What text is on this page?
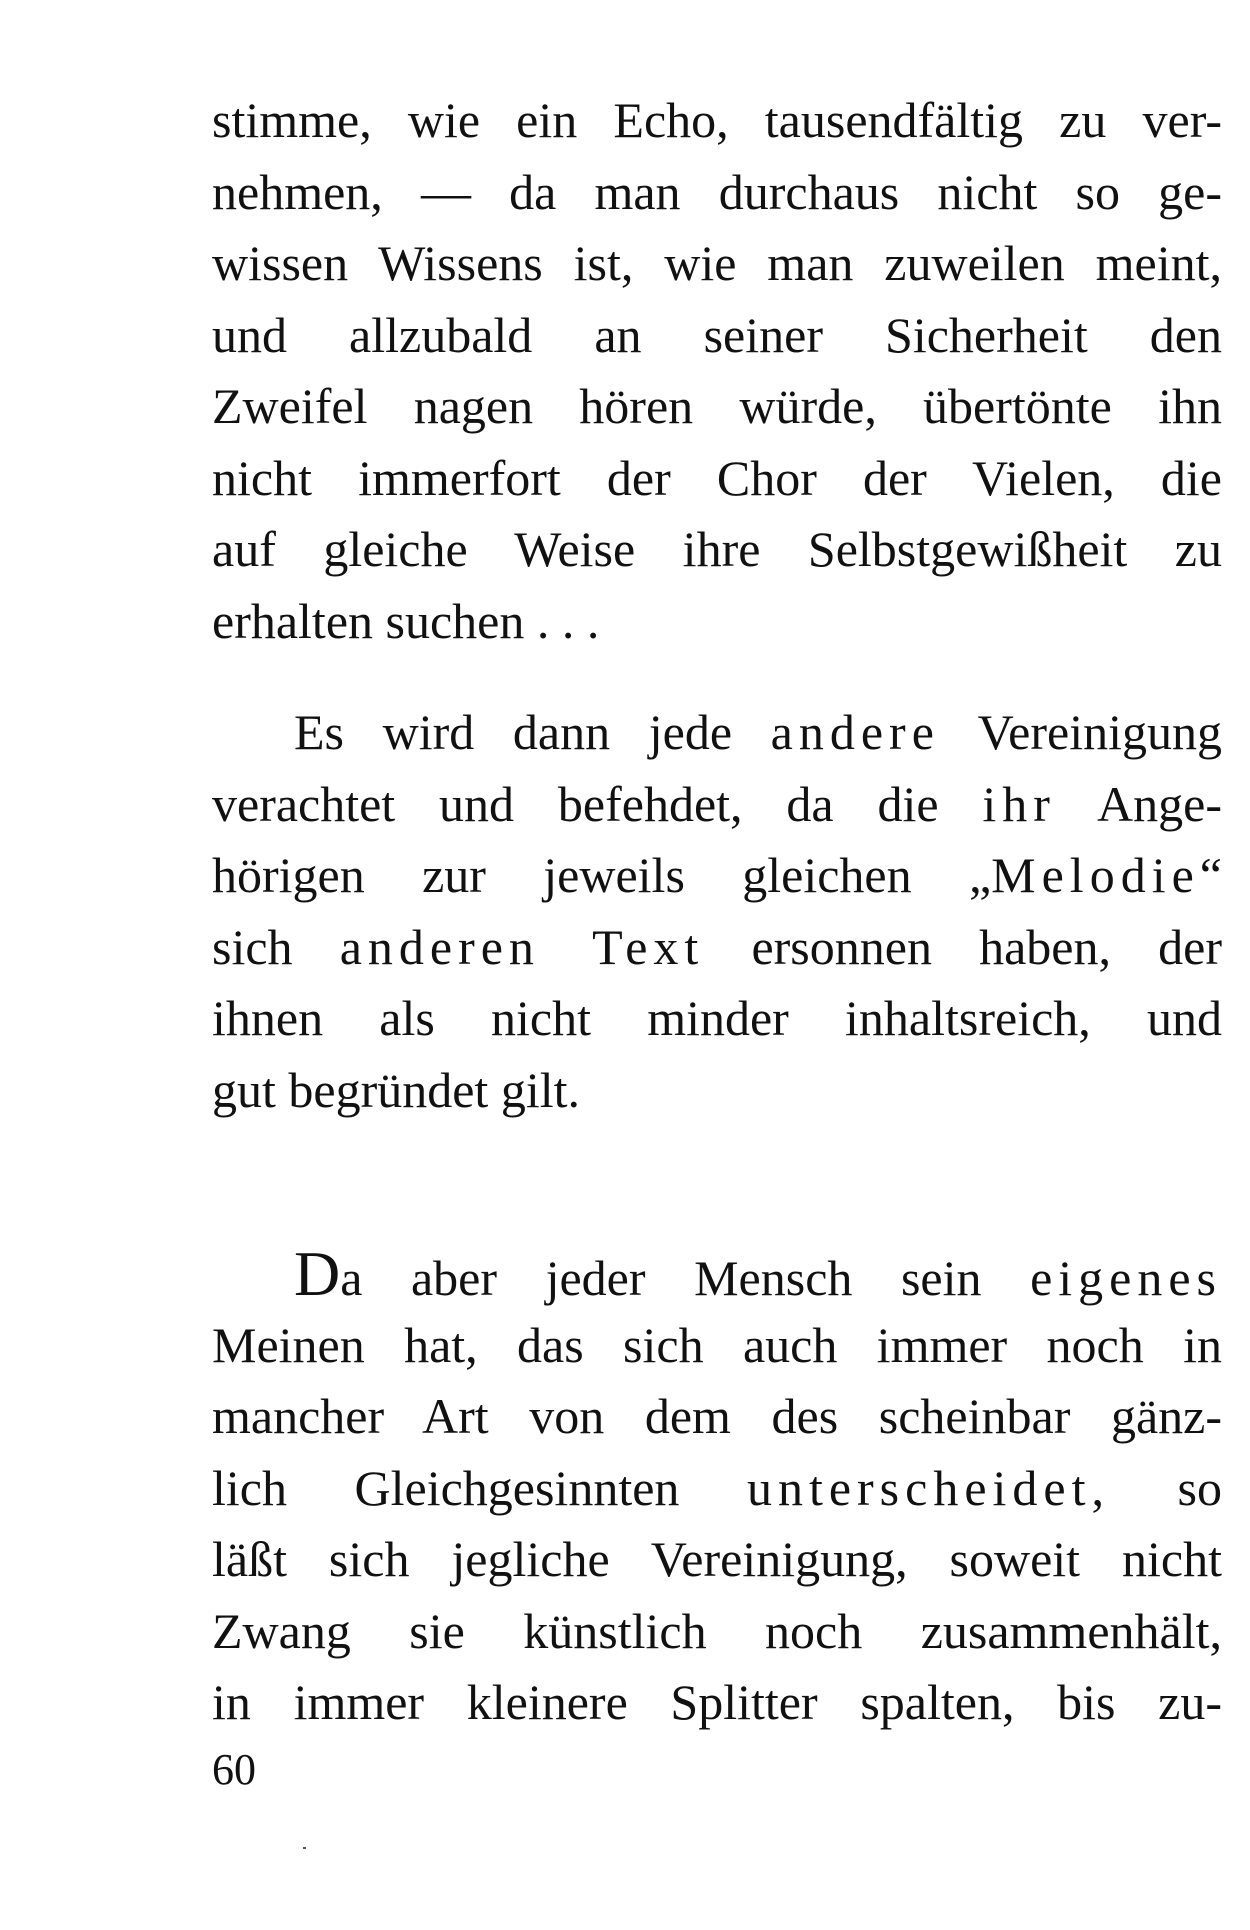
stimme, wie ein Echo, tausendfältig zu ver-
nehmen, — da man durchaus nicht so ge-
wissen Wissens ist, wie man zuweilen meint,
und allzubald an seiner Sicherheit den
Zweifel nagen hören würde, übertönte ihn
nicht immerfort der Chor der Vielen, die
auf gleiche Weise ihre Selbstgewißheit zu
erhalten suchen . . .
Es wird dann jede andere Vereinigung
verachtet und befehdet, da die ihr Ange-
hörigen zur jeweils gleichen „Melodie“
sich anderen Text ersonnen haben, der
ihnen als nicht minder inhaltsreich, und
gut begründet gilt.
Da aber jeder Mensch sein eigenes
Meinen hat, das sich auch immer noch in
mancher Art von dem des scheinbar gänz-
lich Gleichgesinnten unterscheidet, so
läßt sich jegliche Vereinigung, soweit nicht
Zwang sie künstlich noch zusammenhält,
in immer kleinere Splitter spalten, bis zu-
60
